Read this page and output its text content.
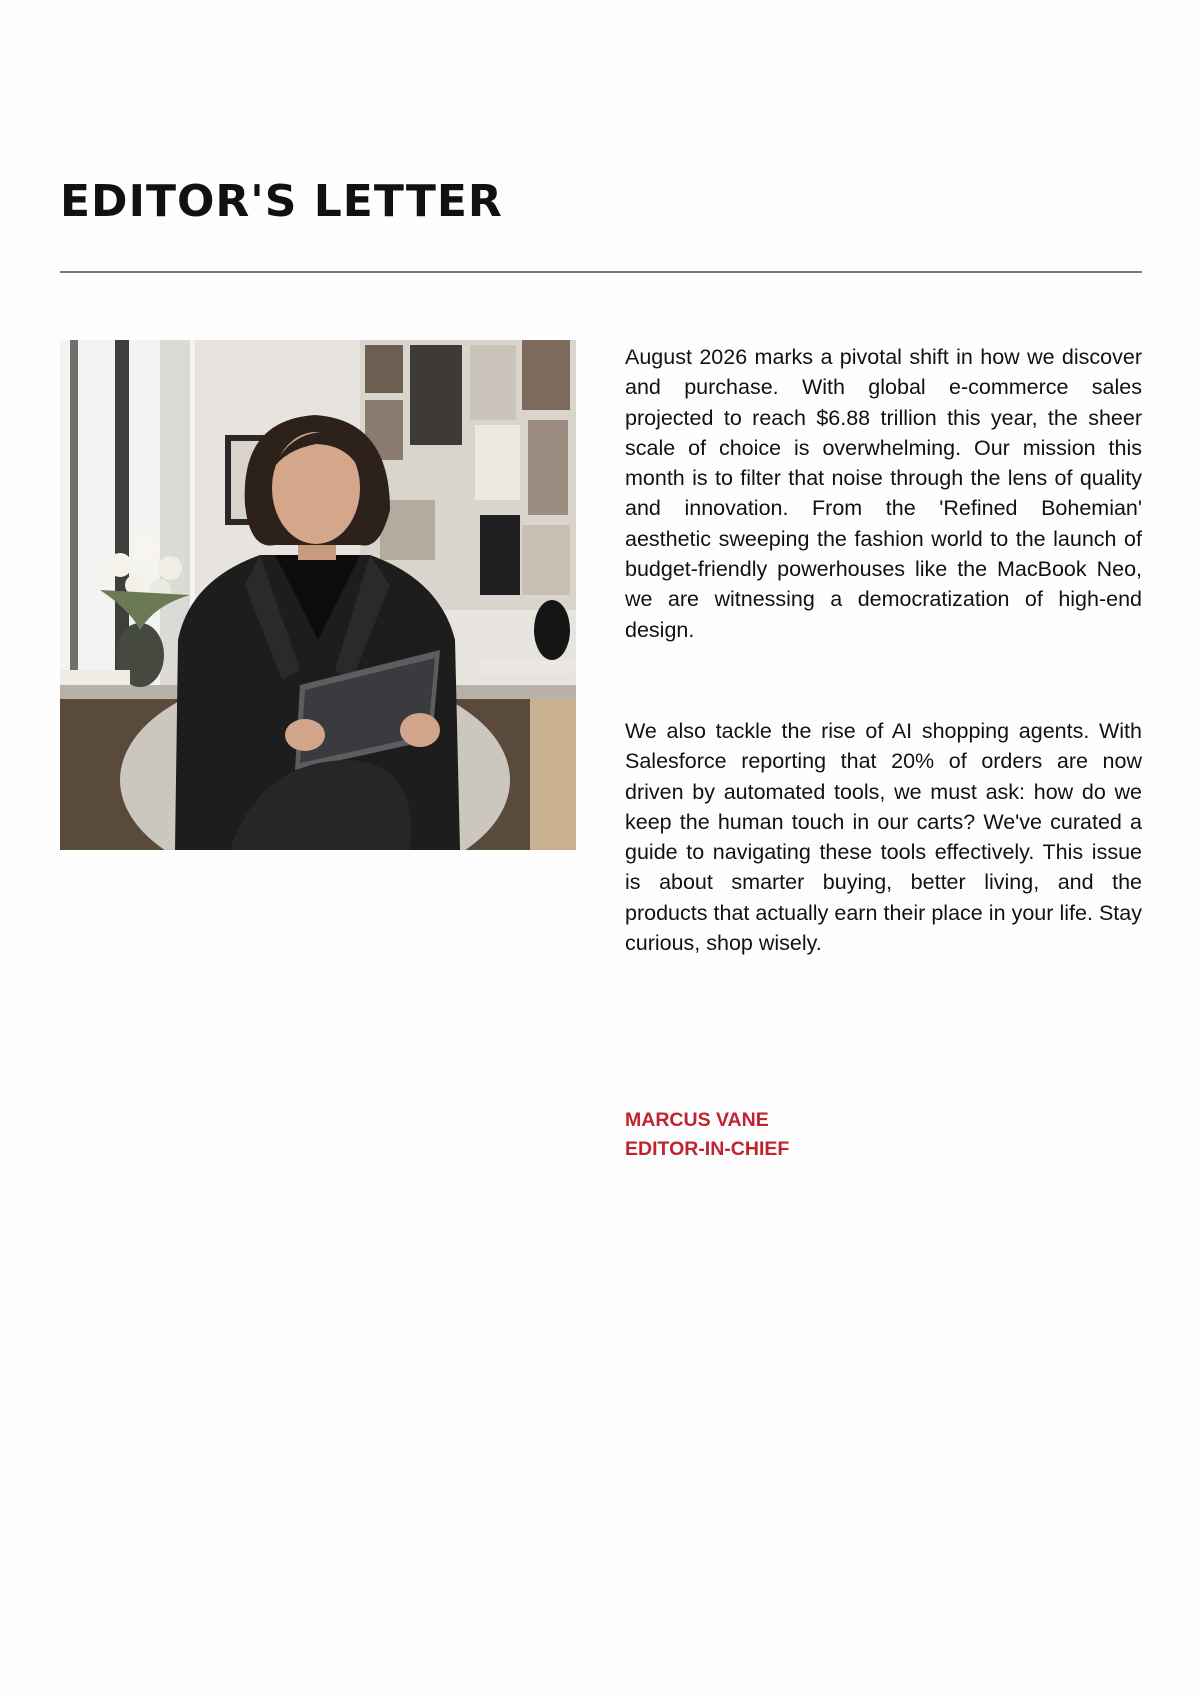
EDITOR'S LETTER

August 2026 marks a pivotal shift in how we discover and purchase. With global e-commerce sales projected to reach $6.88 trillion this year, the sheer scale of choice is overwhelming. Our mission this month is to filter that noise through the lens of quality and innovation. From the 'Refined Bohemian' aesthetic sweeping the fashion world to the launch of budget-friendly powerhouses like the MacBook Neo, we are witnessing a democratization of high-end design.

We also tackle the rise of AI shopping agents. With Salesforce reporting that 20% of orders are now driven by automated tools, we must ask: how do we keep the human touch in our carts? We've curated a guide to navigating these tools effectively. This issue is about smarter buying, better living, and the products that actually earn their place in your life. Stay curious, shop wisely.

MARCUS VANE
EDITOR-IN-CHIEF
